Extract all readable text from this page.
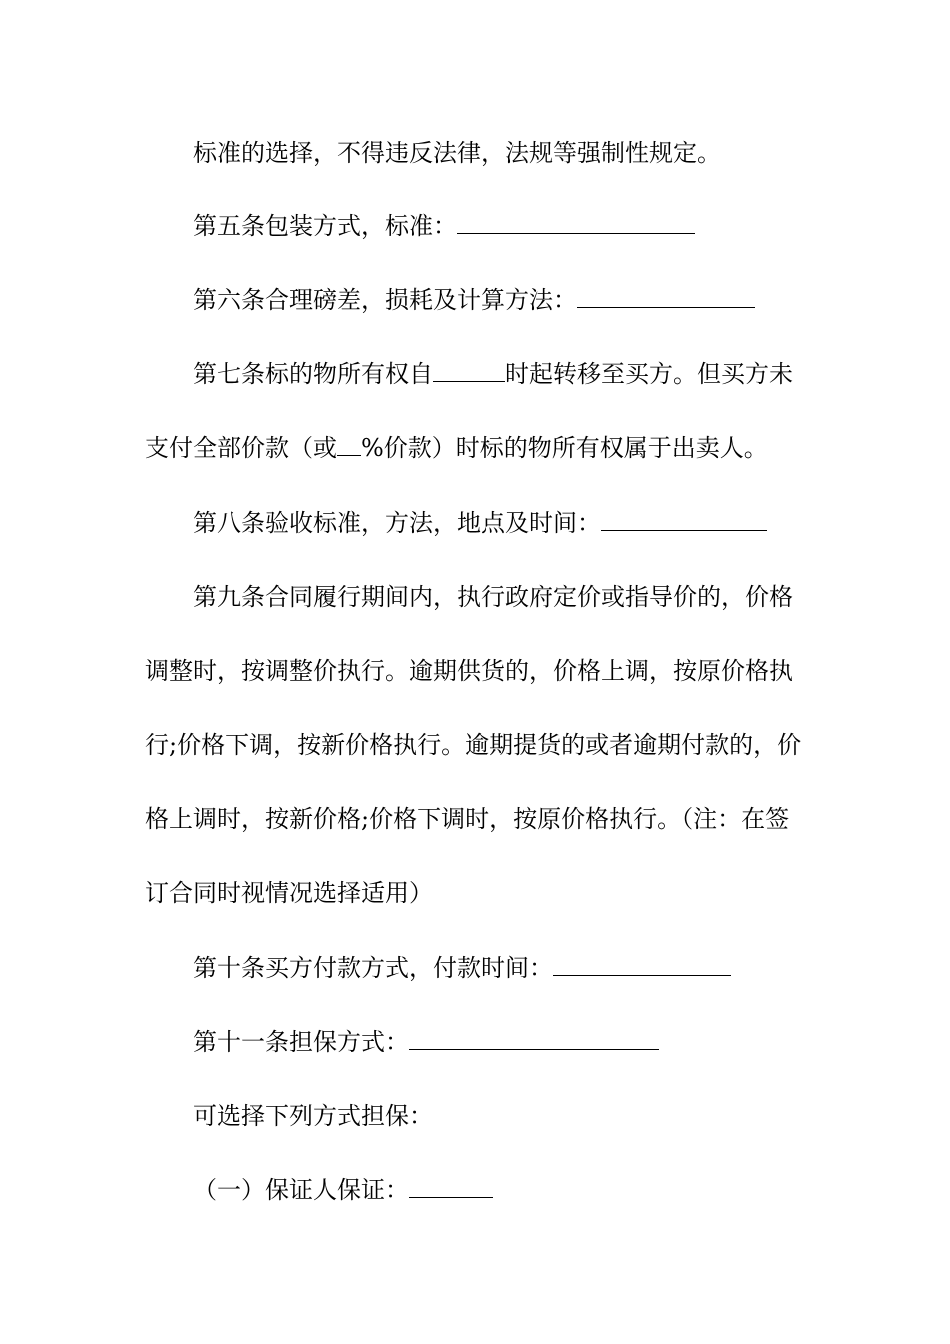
标准的选择，不得违反法律，法规等强制性规定。
第五条包装方式，标准：
第六条合理磅差，损耗及计算方法：
第七条标的物所有权自	时起转移至买方。但买方未
支付全部价款（或 %价款）时标的物所有权属于出卖人。
第八条验收标准，方法，地点及时间：
第九条合同履行期间内，执行政府定价或指导价的，价格
调整时，按调整价执行。逾期供货的，价格上调，按原价格执
行;价格下调，按新价格执行。逾期提货的或者逾期付款的，价
格上调时，按新价格;价格下调时，按原价格执行。（注：在签
订合同时视情况选择适用）
第十条买方付款方式，付款时间：
第十一条担保方式：
可选择下列方式担保：
（一）保证人保证：
